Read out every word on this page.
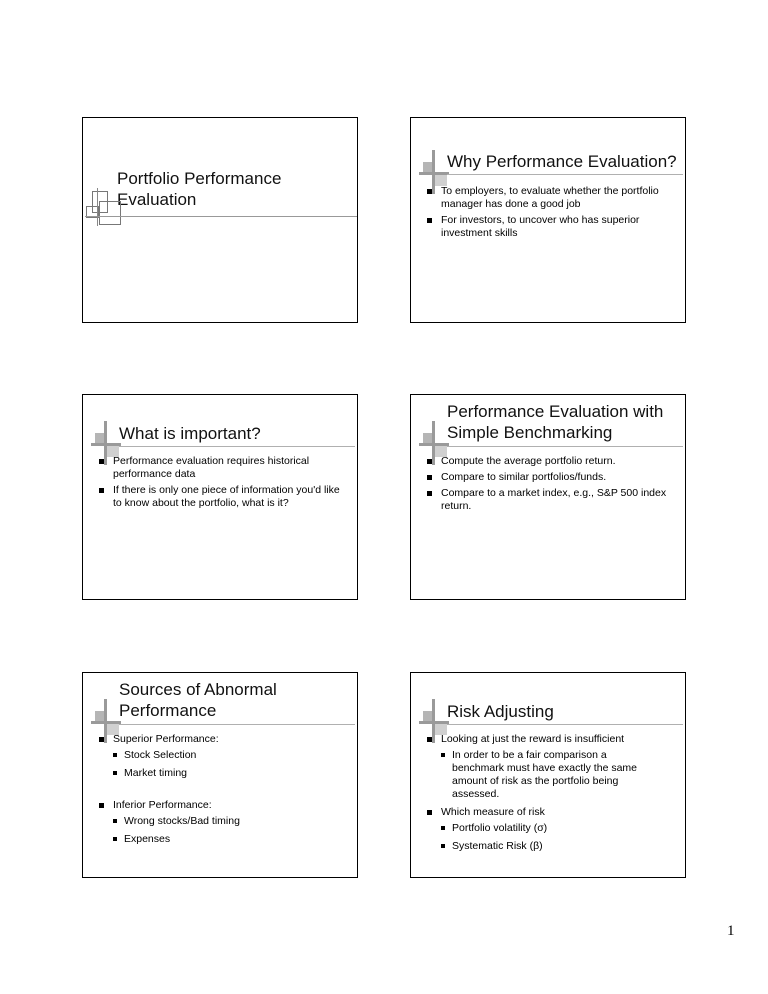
Portfolio Performance Evaluation
Why Performance Evaluation?
To employers, to evaluate whether the portfolio manager has done a good job
For investors, to uncover who has superior investment skills
What is important?
Performance evaluation requires historical performance data
If there is only one piece of information you'd like to know about the portfolio, what is it?
Performance Evaluation with
Simple Benchmarking
Compute the average portfolio return.
Compare to similar portfolios/funds.
Compare to a market index, e.g., S&P 500 index return.
Sources of Abnormal
Performance
Superior Performance:
Stock Selection
Market timing
Inferior Performance:
Wrong stocks/Bad timing
Expenses
Risk Adjusting
Looking at just the reward is insufficient
In order to be a fair comparison a benchmark must have exactly the same amount of risk as the portfolio being assessed.
Which measure of risk
Portfolio volatility (σ)
Systematic Risk (β)
1
